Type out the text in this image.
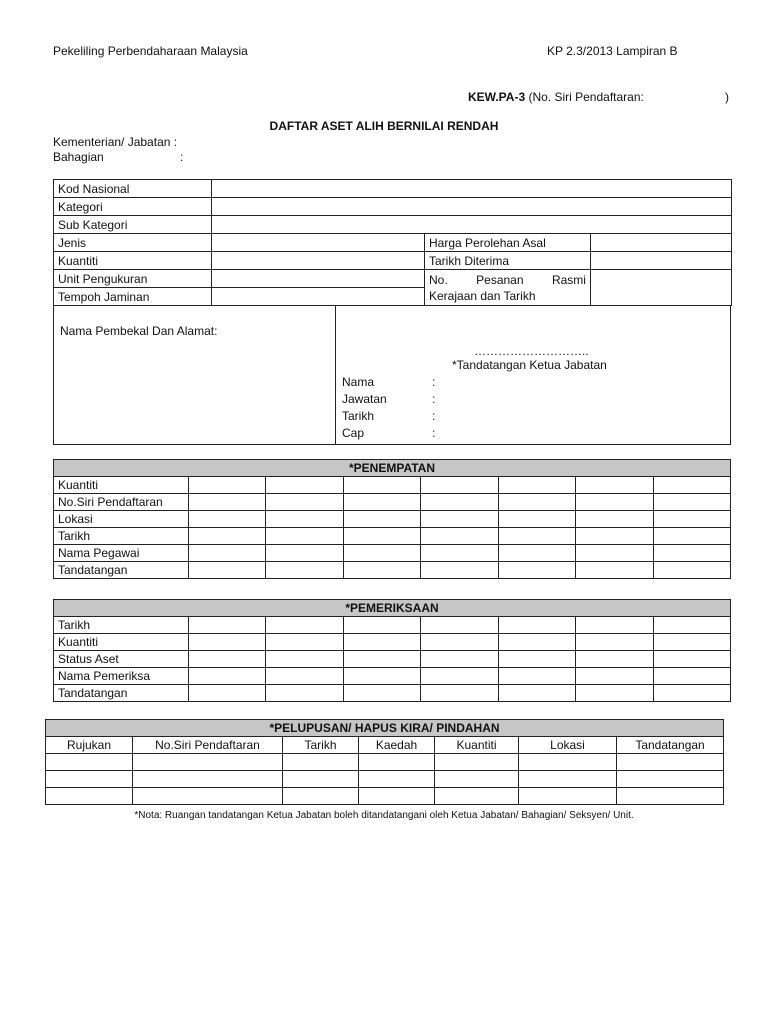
Pekeliling Perbendaharaan Malaysia	KP 2.3/2013 Lampiran B
KEW.PA-3 (No. Siri Pendaftaran:	)
DAFTAR ASET ALIH BERNILAI RENDAH
Kementerian/ Jabatan :
Bahagian	:
Kod Nasional			
Kategori			
Sub Kategori			
Jenis		Harga Perolehan Asal	
Kuantiti		Tarikh Diterima	
Unit Pengukuran		No. Pesanan Rasmi
Kerajaan dan Tarikh	

Tempoh Jaminan			
Nama Pembekal Dan Alamat:
………………………..
*Tandatangan Ketua Jabatan
Nama	:
Jawatan	:
Tarikh	:
Cap	:
*PENEMPATAN							
Kuantiti							
No.Siri Pendaftaran							
Lokasi							
Tarikh							
Nama Pegawai							
Tandatangan							
*PEMERIKSAAN							
Tarikh							
Kuantiti							
Status Aset							
Nama Pemeriksa							
Tandatangan							
*PELUPUSAN/ HAPUS KIRA/ PINDAHAN						
Rujukan	No.Siri Pendaftaran	Tarikh	Kaedah	Kuantiti	Lokasi	Tandatangan

*Nota: Ruangan tandatangan Ketua Jabatan boleh ditandatangani oleh Ketua Jabatan/ Bahagian/ Seksyen/ Unit.
